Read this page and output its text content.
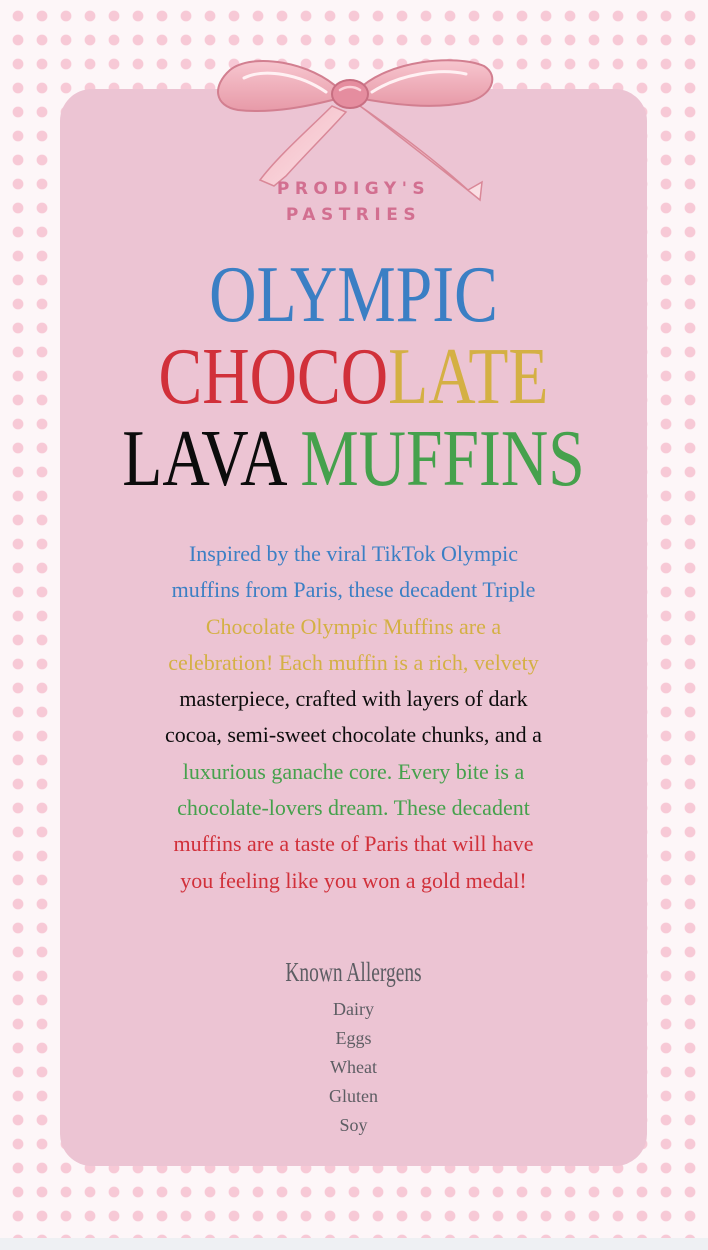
PRODIGY'S
PASTRIES
OLYMPIC
CHOCOLATE
LAVA MUFFINS
Inspired by the viral TikTok Olympic
muffins from Paris, these decadent Triple
Chocolate Olympic Muffins are a
celebration! Each muffin is a rich, velvety
masterpiece, crafted with layers of dark
cocoa, semi-sweet chocolate chunks, and a
luxurious ganache core. Every bite is a
chocolate-lovers dream. These decadent
muffins are a taste of Paris that will have
you feeling like you won a gold medal!
Known Allergens
Dairy
Eggs
Wheat
Gluten
Soy
